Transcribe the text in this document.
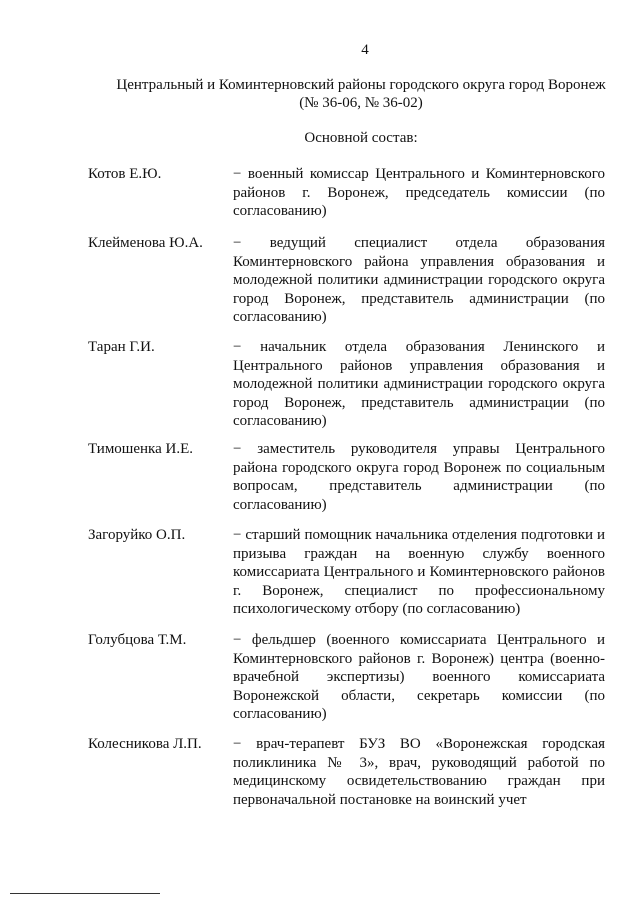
4
Центральный и Коминтерновский районы городского округа город Воронеж
(№ 36-06, № 36-02)
Основной состав:
Котов Е.Ю.	− военный комиссар Центрального и Коминтерновского районов г. Воронеж, председатель комиссии (по согласованию)
Клейменова Ю.А. − ведущий специалист отдела образования Коминтерновского района управления образования и молодежной политики администрации городского округа город Воронеж, представитель администрации (по согласованию)
Таран Г.И.	− начальник отдела образования Ленинского и Центрального районов управления образования и молодежной политики администрации городского округа город Воронеж, представитель администрации (по согласованию)
Тимошенка И.Е.	− заместитель руководителя управы Центрального района городского округа город Воронеж по социальным вопросам, представитель администрации (по согласованию)
Загоруйко О.П.	− старший помощник начальника отделения подготовки и призыва граждан на военную службу военного комиссариата Центрального и Коминтерновского районов г. Воронеж, специалист по профессиональному психологическому отбору (по согласованию)
Голубцова Т.М.	− фельдшер (военного комиссариата Центрального и Коминтерновского районов г. Воронеж) центра (военно-врачебной экспертизы) военного комиссариата Воронежской области, секретарь комиссии (по согласованию)
Колесникова Л.П. − врач-терапевт БУЗ ВО «Воронежская городская поликлиника № 3», врач, руководящий работой по медицинскому освидетельствованию граждан при первоначальной постановке на воинский учет
